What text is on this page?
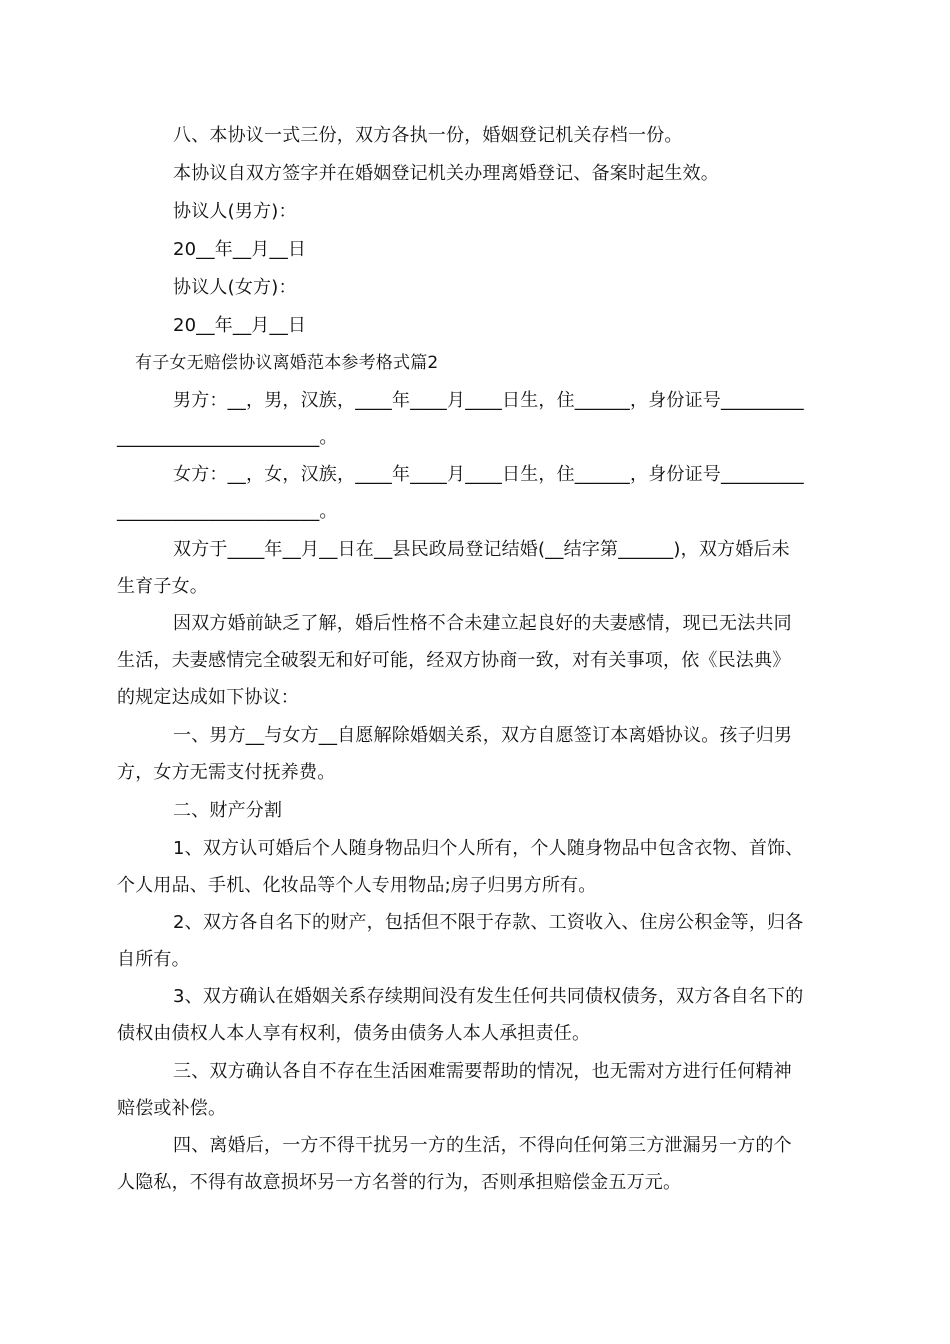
八、本协议一式三份，双方各执一份，婚姻登记机关存档一份。
本协议自双方签字并在婚姻登记机关办理离婚登记、备案时起生效。
协议人(男方)：
20__年__月__日
协议人(女方)：
20__年__月__日
有子女无赔偿协议离婚范本参考格式篇2
男方：__，男，汉族，____年____月____日生，住______，身份证号_________
______________________。
女方：__，女，汉族，____年____月____日生，住______，身份证号_________
______________________。
双方于____年__月__日在__县民政局登记结婚(__结字第______)，双方婚后未
生育子女。
因双方婚前缺乏了解，婚后性格不合未建立起良好的夫妻感情，现已无法共同
生活，夫妻感情完全破裂无和好可能，经双方协商一致，对有关事项，依《民法典》
的规定达成如下协议：
一、男方__与女方__自愿解除婚姻关系，双方自愿签订本离婚协议。孩子归男
方，女方无需支付抚养费。
二、财产分割
1、双方认可婚后个人随身物品归个人所有，个人随身物品中包含衣物、首饰、
个人用品、手机、化妆品等个人专用物品;房子归男方所有。
2、双方各自名下的财产，包括但不限于存款、工资收入、住房公积金等，归各
自所有。
3、双方确认在婚姻关系存续期间没有发生任何共同债权债务，双方各自名下的
债权由债权人本人享有权利，债务由债务人本人承担责任。
三、双方确认各自不存在生活困难需要帮助的情况，也无需对方进行任何精神
赔偿或补偿。
四、离婚后，一方不得干扰另一方的生活，不得向任何第三方泄漏另一方的个
人隐私，不得有故意损坏另一方名誉的行为，否则承担赔偿金五万元。
